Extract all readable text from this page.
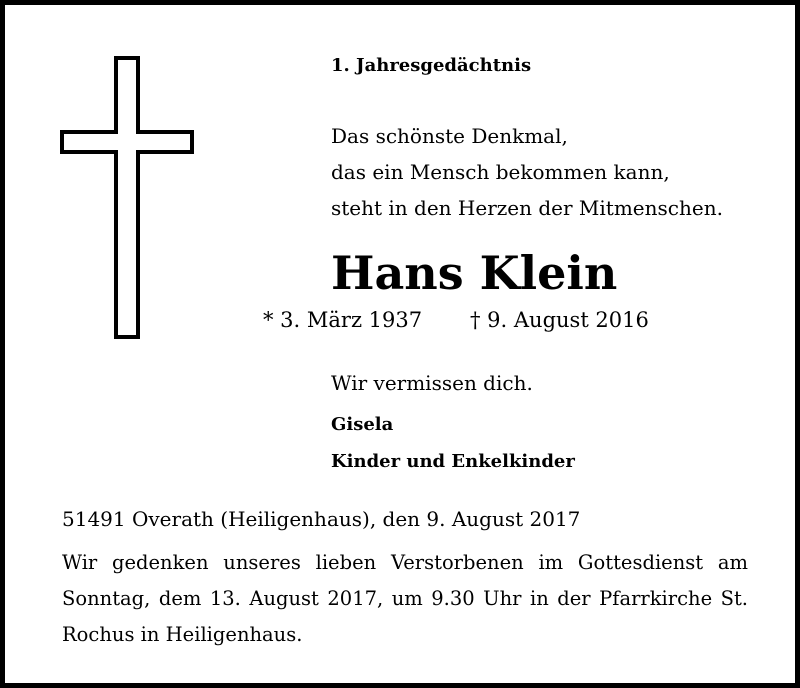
1. Jahresgedächtnis

Das schönste Denkmal,
das ein Mensch bekommen kann,
steht in den Herzen der Mitmenschen.

Hans Klein
* 3. März 1937 † 9. August 2016
Wir vermissen dich.
Gisela
Kinder und Enkelkinder
51491 Overath (Heiligenhaus), den 9. August 2017

Wir gedenken unseres lieben Verstorbenen im Gottesdienst am Sonntag, dem 13. August 2017, um 9.30 Uhr in der Pfarrkirche St. Rochus in Heiligenhaus.
